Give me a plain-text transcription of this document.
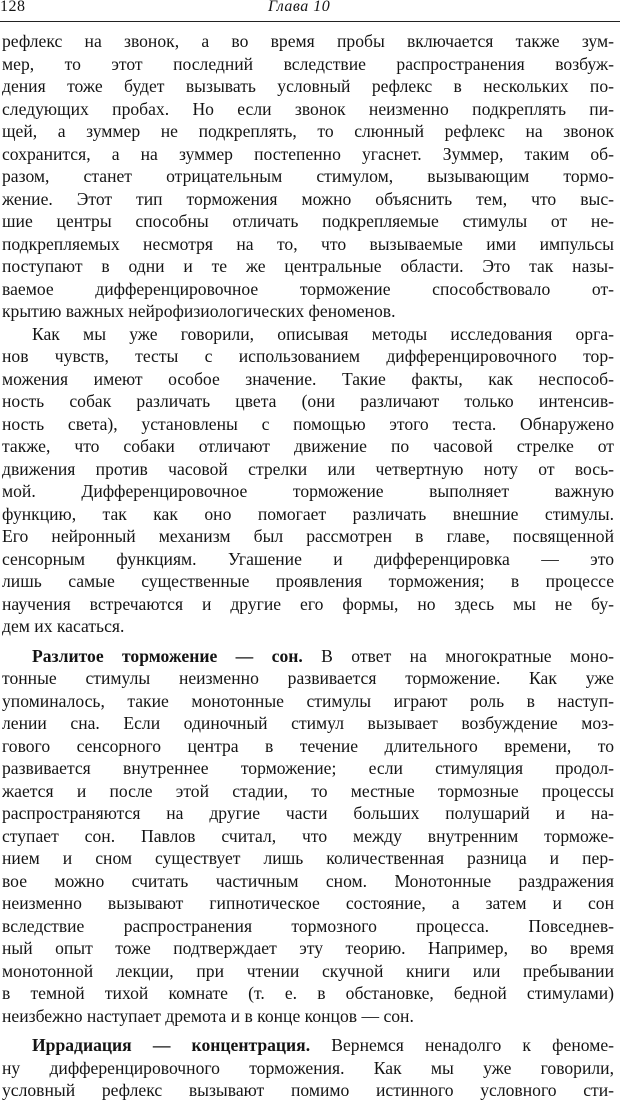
128	Глава 10
рефлекс на звонок, а во время пробы включается также зум-
мер, то этот последний вследствие распространения возбуж-
дения тоже будет вызывать условный рефлекс в нескольких по-
следующих пробах. Но если звонок неизменно подкреплять пи-
щей, а зуммер не подкреплять, то слюнный рефлекс на звонок
сохранится, а на зуммер постепенно угаснет. Зуммер, таким об-
разом, станет отрицательным стимулом, вызывающим тормо-
жение. Этот тип торможения можно объяснить тем, что выс-
шие центры способны отличать подкрепляемые стимулы от не-
подкрепляемых несмотря на то, что вызываемые ими импульсы
поступают в одни и те же центральные области. Это так назы-
ваемое дифференцировочное торможение способствовало от-
крытию важных нейрофизиологических феноменов.
Как мы уже говорили, описывая методы исследования орга-
нов чувств, тесты с использованием дифференцировочного тор-
можения имеют особое значение. Такие факты, как неспособ-
ность собак различать цвета (они различают только интенсив-
ность света), установлены с помощью этого теста. Обнаружено
также, что собаки отличают движение по часовой стрелке от
движения против часовой стрелки или четвертную ноту от вось-
мой. Дифференцировочное торможение выполняет важную
функцию, так как оно помогает различать внешние стимулы.
Его нейронный механизм был рассмотрен в главе, посвященной
сенсорным функциям. Угашение и дифференцировка — это
лишь самые существенные проявления торможения; в процессе
научения встречаются и другие его формы, но здесь мы не бу-
дем их касаться.
Разлитое торможение — сон. В ответ на многократные моно-
тонные стимулы неизменно развивается торможение. Как уже
упоминалось, такие монотонные стимулы играют роль в наступ-
лении сна. Если одиночный стимул вызывает возбуждение моз-
гового сенсорного центра в течение длительного времени, то
развивается внутреннее торможение; если стимуляция продол-
жается и после этой стадии, то местные тормозные процессы
распространяются на другие части больших полушарий и на-
ступает сон. Павлов считал, что между внутренним торможе-
нием и сном существует лишь количественная разница и пер-
вое можно считать частичным сном. Монотонные раздражения
неизменно вызывают гипнотическое состояние, а затем и сон
вследствие распространения тормозного процесса. Повседнев-
ный опыт тоже подтверждает эту теорию. Например, во время
монотонной лекции, при чтении скучной книги или пребывании
в темной тихой комнате (т. е. в обстановке, бедной стимулами)
неизбежно наступает дремота и в конце концов — сон.
Иррадиация — концентрация. Вернемся ненадолго к феноме-
ну дифференцировочного торможения. Как мы уже говорили,
условный рефлекс вызывают помимо истинного условного сти-
